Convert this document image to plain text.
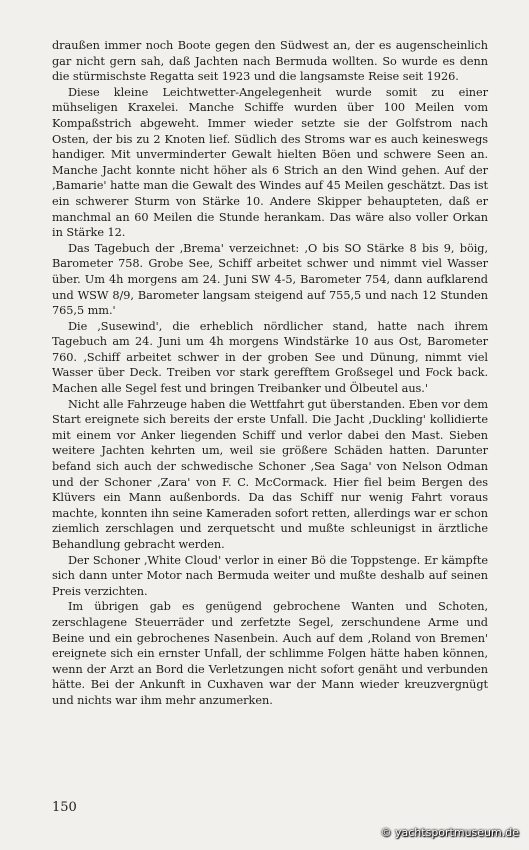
draußen immer noch Boote gegen den Südwest an, der es augenscheinlich gar nicht gern sah, daß Jachten nach Bermuda wollten. So wurde es denn die stürmischste Regatta seit 1923 und die langsamste Reise seit 1926.

Diese kleine Leichtwetter-Angelegenheit wurde somit zu einer mühseligen Kraxelei. Manche Schiffe wurden über 100 Meilen vom Kompaßstrich abgeweht. Immer wieder setzte sie der Golfstrom nach Osten, der bis zu 2 Knoten lief. Südlich des Stroms war es auch keineswegs handiger. Mit unverminderter Gewalt hielten Böen und schwere Seen an. Manche Jacht konnte nicht höher als 6 Strich an den Wind gehen. Auf der ‚Bamarie' hatte man die Gewalt des Windes auf 45 Meilen geschätzt. Das ist ein schwerer Sturm von Stärke 10. Andere Skipper behaupteten, daß er manchmal an 60 Meilen die Stunde herankam. Das wäre also voller Orkan in Stärke 12.

Das Tagebuch der ‚Brema' verzeichnet: ‚O bis SO Stärke 8 bis 9, böig, Barometer 758. Grobe See, Schiff arbeitet schwer und nimmt viel Wasser über. Um 4h morgens am 24. Juni SW 4-5, Barometer 754, dann aufklarend und WSW 8/9, Barometer langsam steigend auf 755,5 und nach 12 Stunden 765,5 mm.'

Die ‚Susewind', die erheblich nördlicher stand, hatte nach ihrem Tagebuch am 24. Juni um 4h morgens Windstärke 10 aus Ost, Barometer 760. ‚Schiff arbeitet schwer in der groben See und Dünung, nimmt viel Wasser über Deck. Treiben vor stark gerefftem Großsegel und Fock back. Machen alle Segel fest und bringen Treibanker und Ölbeutel aus.'

Nicht alle Fahrzeuge haben die Wettfahrt gut überstanden. Eben vor dem Start ereignete sich bereits der erste Unfall. Die Jacht ‚Duckling' kollidierte mit einem vor Anker liegenden Schiff und verlor dabei den Mast. Sieben weitere Jachten kehrten um, weil sie größere Schäden hatten. Darunter befand sich auch der schwedische Schoner ‚Sea Saga' von Nelson Odman und der Schoner ‚Zara' von F. C. McCormack. Hier fiel beim Bergen des Klüvers ein Mann außenbords. Da das Schiff nur wenig Fahrt voraus machte, konnten ihn seine Kameraden sofort retten, allerdings war er schon ziemlich zerschlagen und zerquetscht und mußte schleunigst in ärztliche Behandlung gebracht werden.

Der Schoner ‚White Cloud' verlor in einer Bö die Toppstenge. Er kämpfte sich dann unter Motor nach Bermuda weiter und mußte deshalb auf seinen Preis verzichten.

Im übrigen gab es genügend gebrochene Wanten und Schoten, zerschlagene Steuerräder und zerfetzte Segel, zerschundene Arme und Beine und ein gebrochenes Nasenbein. Auch auf dem ‚Roland von Bremen' ereignete sich ein ernster Unfall, der schlimme Folgen hätte haben können, wenn der Arzt an Bord die Verletzungen nicht sofort genäht und verbunden hätte. Bei der Ankunft in Cuxhaven war der Mann wieder kreuzvergnügt und nichts war ihm mehr anzumerken.

150
© yachtsportmuseum.de
